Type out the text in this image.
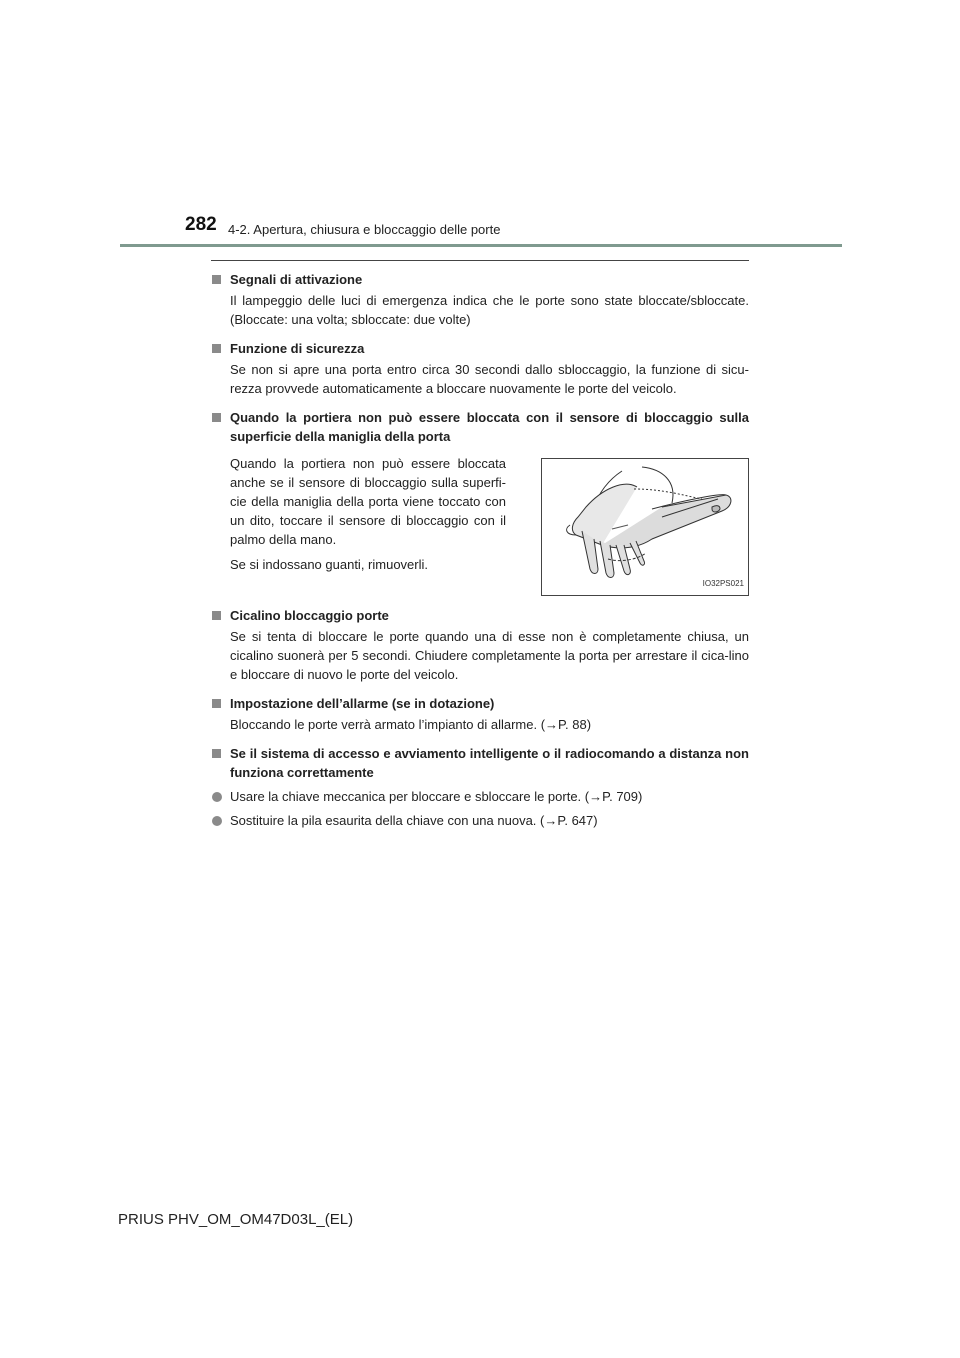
282 4-2. Apertura, chiusura e bloccaggio delle porte
Segnali di attivazione
Il lampeggio delle luci di emergenza indica che le porte sono state bloccate/sbloccate. (Bloccate: una volta; sbloccate: due volte)
Funzione di sicurezza
Se non si apre una porta entro circa 30 secondi dallo sbloccaggio, la funzione di sicu-rezza provvede automaticamente a bloccare nuovamente le porte del veicolo.
Quando la portiera non può essere bloccata con il sensore di bloccaggio sulla superficie della maniglia della porta

Quando la portiera non può essere bloccata anche se il sensore di bloccaggio sulla superfi-cie della maniglia della porta viene toccato con un dito, toccare il sensore di bloccaggio con il palmo della mano.

Se si indossano guanti, rimuoverli.

IO32PS021
Cicalino bloccaggio porte
Se si tenta di bloccare le porte quando una di esse non è completamente chiusa, un cicalino suonerà per 5 secondi. Chiudere completamente la porta per arrestare il cica-lino e bloccare di nuovo le porte del veicolo.
Impostazione dell’allarme (se in dotazione)
Bloccando le porte verrà armato l’impianto di allarme. (→P. 88)
Se il sistema di accesso e avviamento intelligente o il radiocomando a distanza non funziona correttamente
Usare la chiave meccanica per bloccare e sbloccare le porte. (→P. 709)
Sostituire la pila esaurita della chiave con una nuova. (→P. 647)
PRIUS PHV_OM_OM47D03L_(EL)
